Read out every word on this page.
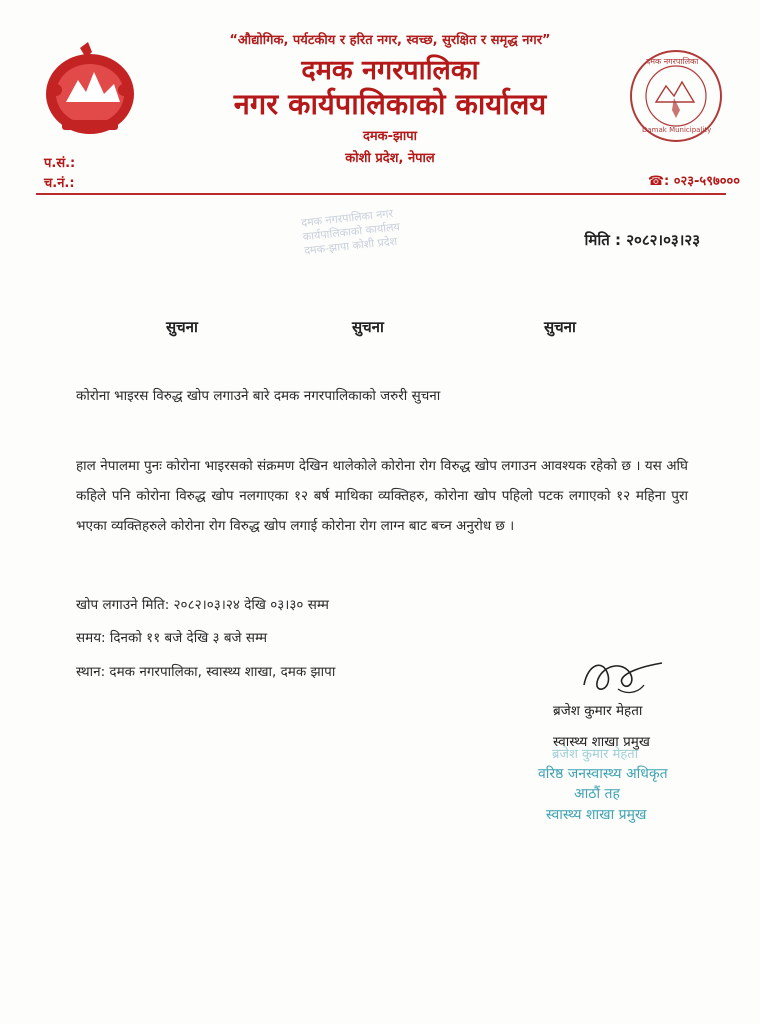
दमक नगरपालिका
Damak Municipality
“औद्योगिक, पर्यटकीय र हरित नगर, स्वच्छ, सुरक्षित र समृद्ध नगर”
दमक नगरपालिका
नगर कार्यपालिकाको कार्यालय
दमक-झापा
कोशी प्रदेश, नेपाल
प.सं.:
च.नं.:	☎: ०२३-५९७०००
दमक नगरपालिका नगर कार्यपालिकाको कार्यालय दमक-झापा कोशी प्रदेश	मिति : २०८२।०३।२३
सुचना	सुचना	सुचना
कोरोना भाइरस विरुद्ध खोप लगाउने बारे दमक नगरपालिकाको जरुरी सुचना
हाल नेपालमा पुनः कोरोना भाइरसको संक्रमण देखिन थालेकोले कोरोना रोग विरुद्ध खोप लगाउन आवश्यक रहेको छ । यस अघि कहिले पनि कोरोना विरुद्ध खोप नलगाएका १२ बर्ष माथिका व्यक्तिहरु, कोरोना खोप पहिलो पटक लगाएको १२ महिना पुरा भएका व्यक्तिहरुले कोरोना रोग विरुद्ध खोप लगाई कोरोना रोग लाग्न बाट बच्न अनुरोध छ ।
खोप लगाउने मिति: २०८२।०३।२४ देखि ०३।३० सम्म
समय: दिनको ११ बजे देखि ३ बजे सम्म
स्थान: दमक नगरपालिका, स्वास्थ्य शाखा, दमक झापा
ब्रजेश कुमार मेहता
स्वास्थ्य शाखा प्रमुख
ब्रजेश कुमार मेहता
वरिष्ठ जनस्वास्थ्य अधिकृत
आठौं तह
स्वास्थ्य शाखा प्रमुख
